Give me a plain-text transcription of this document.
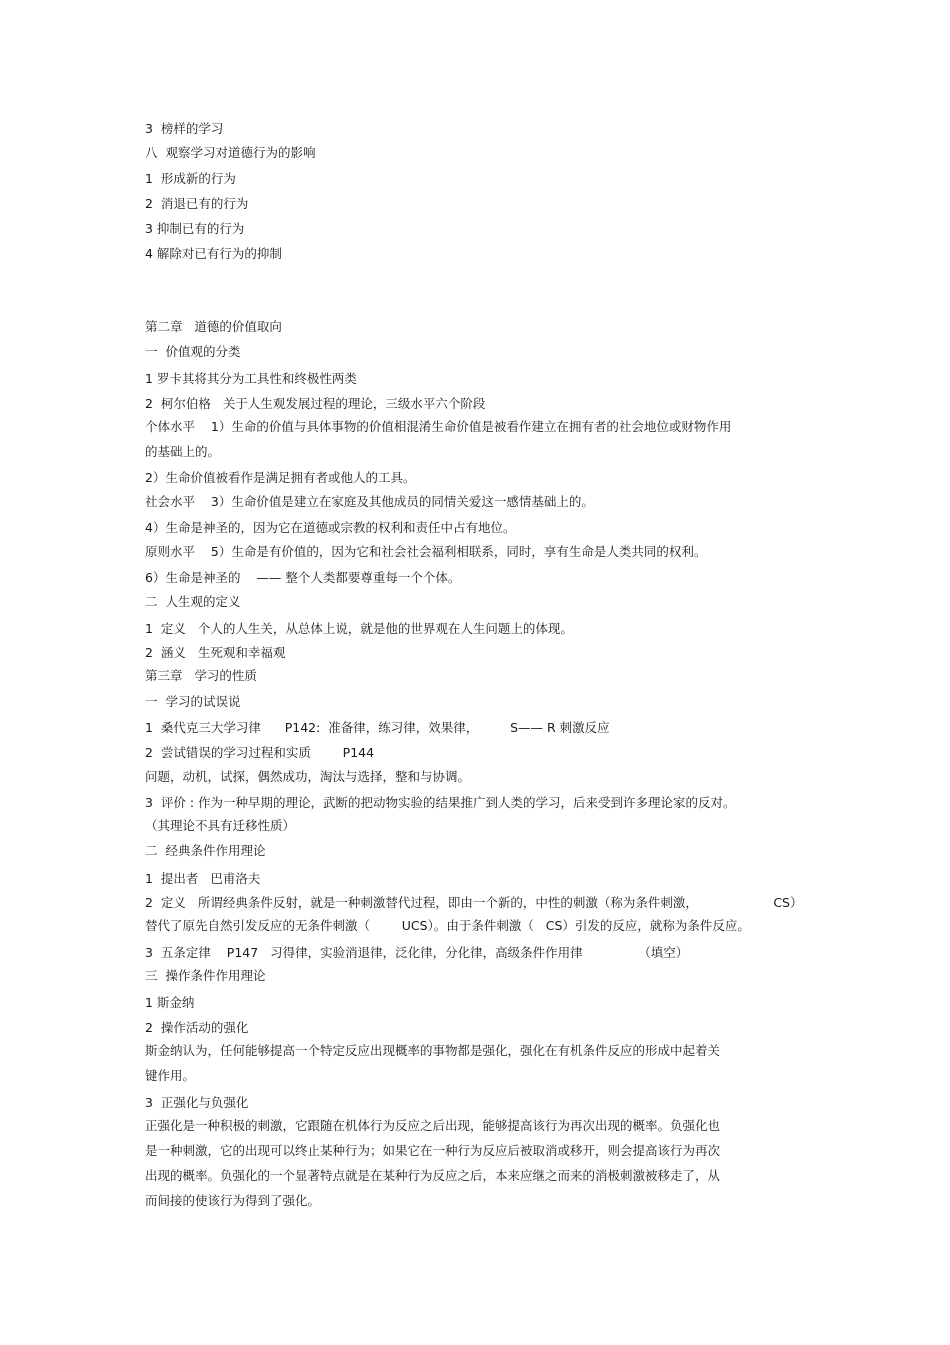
3  榜样的学习
八  观察学习对道德行为的影响
1  形成新的行为
2  消退已有的行为
3 抑制已有的行为
4 解除对已有行为的抑制
第二章   道德的价值取向
一  价值观的分类
1 罗卡其将其分为工具性和终极性两类
2  柯尔伯格   关于人生观发展过程的理论，三级水平六个阶段
个体水平    1）生命的价值与具体事物的价值相混淆生命价值是被看作建立在拥有者的社会地位或财物作用
的基础上的。
2）生命价值被看作是满足拥有者或他人的工具。
社会水平    3）生命价值是建立在家庭及其他成员的同情关爱这一感情基础上的。
4）生命是神圣的，因为它在道德或宗教的权利和责任中占有地位。
原则水平    5）生命是有价值的，因为它和社会社会福利相联系，同时，享有生命是人类共同的权利。
6）生命是神圣的    —— 整个人类都要尊重每一个个体。
二  人生观的定义
1  定义   个人的人生关，从总体上说，就是他的世界观在人生问题上的体现。
2  涵义   生死观和幸福观
第三章   学习的性质
一  学习的试误说
1  桑代克三大学习律      P142:  准备律，练习律，效果律，        S—— R 刺激反应
2  尝试错误的学习过程和实质        P144
问题，动机，试探，偶然成功，淘汰与选择，整和与协调。
3  评价 : 作为一种早期的理论，武断的把动物实验的结果推广到人类的学习，后来受到许多理论家的反对。
（其理论不具有迁移性质）
二  经典条件作用理论
1  提出者   巴甫洛夫
2  定义   所谓经典条件反射，就是一种刺激替代过程，即由一个新的，中性的刺激（称为条件刺激，                   CS）
替代了原先自然引发反应的无条件刺激（        UCS）。由于条件刺激（   CS）引发的反应，就称为条件反应。
3  五条定律    P147   习得律，实验消退律，泛化律，分化律，高级条件作用律              （填空）
三  操作条件作用理论
1 斯金纳
2  操作活动的强化
斯金纳认为，任何能够提高一个特定反应出现概率的事物都是强化，强化在有机条件反应的形成中起着关
键作用。
3  正强化与负强化
正强化是一种积极的刺激，它跟随在机体行为反应之后出现，能够提高该行为再次出现的概率。负强化也
是一种刺激，它的出现可以终止某种行为；如果它在一种行为反应后被取消或移开，则会提高该行为再次
出现的概率。负强化的一个显著特点就是在某种行为反应之后，本来应继之而来的消极刺激被移走了，从
而间接的使该行为得到了强化。
